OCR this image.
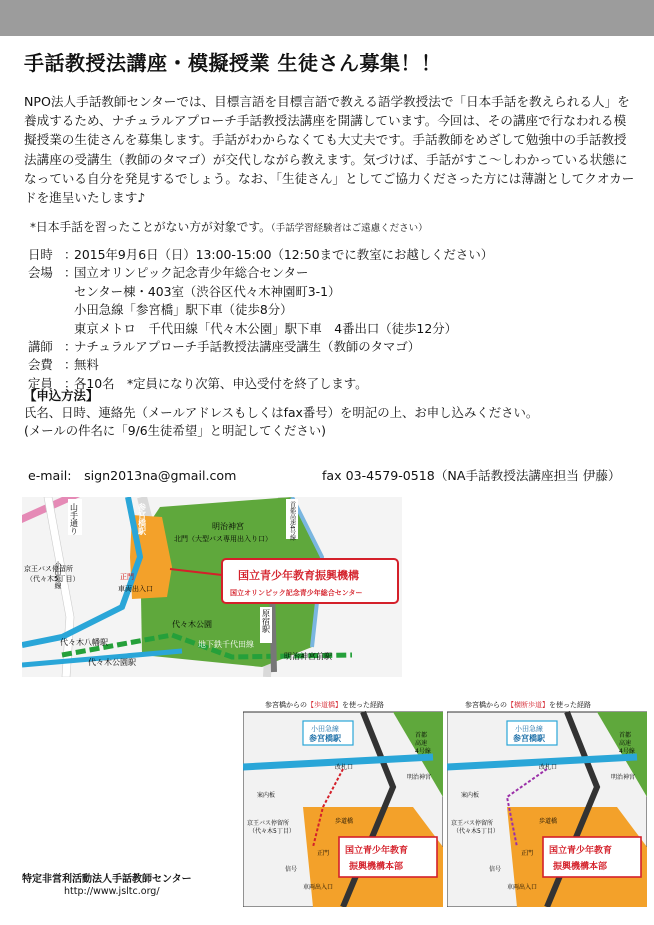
手話教授法講座・模擬授業 生徒さん募集！！

NPO法人手話教師センターでは、目標言語を目標言語で教える語学教授法で「日本手話を教えられる人」を養成するため、ナチュラルアプローチ手話教授法講座を開講しています。今回は、その講座で行なわれる模擬授業の生徒さんを募集します。手話がわからなくても大丈夫です。手話教師をめざして勉強中の手話教授法講座の受講生（教師のタマゴ）が交代しながら教えます。気づけば、手話がすこ～しわかっている状態になっている自分を発見するでしょう。なお、「生徒さん」としてご協力くださった方には薄謝としてクオカードを進呈いたします♪

*日本手話を習ったことがない方が対象です。（手話学習経験者はご遠慮ください）
日時 ：2015年9月6日（日）13:00-15:00（12:50までに教室にお越しください）
会場 ：国立オリンピック記念青少年総合センター
センター棟・403室（渋谷区代々木神園町3-1）
小田急線「参宮橋」駅下車（徒歩8分）
東京メトロ　千代田線「代々木公園」駅下車　4番出口（徒歩12分）
講師 ：ナチュラルアプローチ手話教授法講座受講生（教師のタマゴ）
会費 ：無料
定員 ：各10名　*定員になり次第、申込受付を終了します。
【申込方法】
氏名、日時、連絡先（メールアドレスもしくはfax番号）を明記の上、お申し込みください。
(メールの件名に「9/6生徒希望」と明記してください)
e-mail:　sign2013na@gmail.com	fax 03-4579-0518（NA手話教授法講座担当 伊藤）
山手通り	参宮橋駅
小田急線
明治神宮	首都高速4号線
北門（大型バス専用出入り口）
京王バス停留所
（代々木5丁目）	正門
車両出入口
国立青少年教育振興機構
国立オリンピック記念青少年総合センター
原宿駅
代々木公園
地下鉄千代田線
代々木八幡駅
代々木公園駅
明治神宮前駅
参宮橋からの【歩道橋】を使った経路
小田急線
参宮橋駅
改札口
首都
高速
4号線
明治神宮
案内板
京王バス停留所
（代々木5丁目）
歩道橋
正門
信号
車両出入口
国立青少年教育
振興機構本部
参宮橋からの【横断歩道】を使った経路
小田急線
参宮橋駅
改札口
首都
高速
4号線
明治神宮
案内板
京王バス停留所
（代々木5丁目）
歩道橋
正門
信号
車両出入口
国立青少年教育
振興機構本部
特定非営利活動法人手話教師センター
http://www.jsltc.org/
